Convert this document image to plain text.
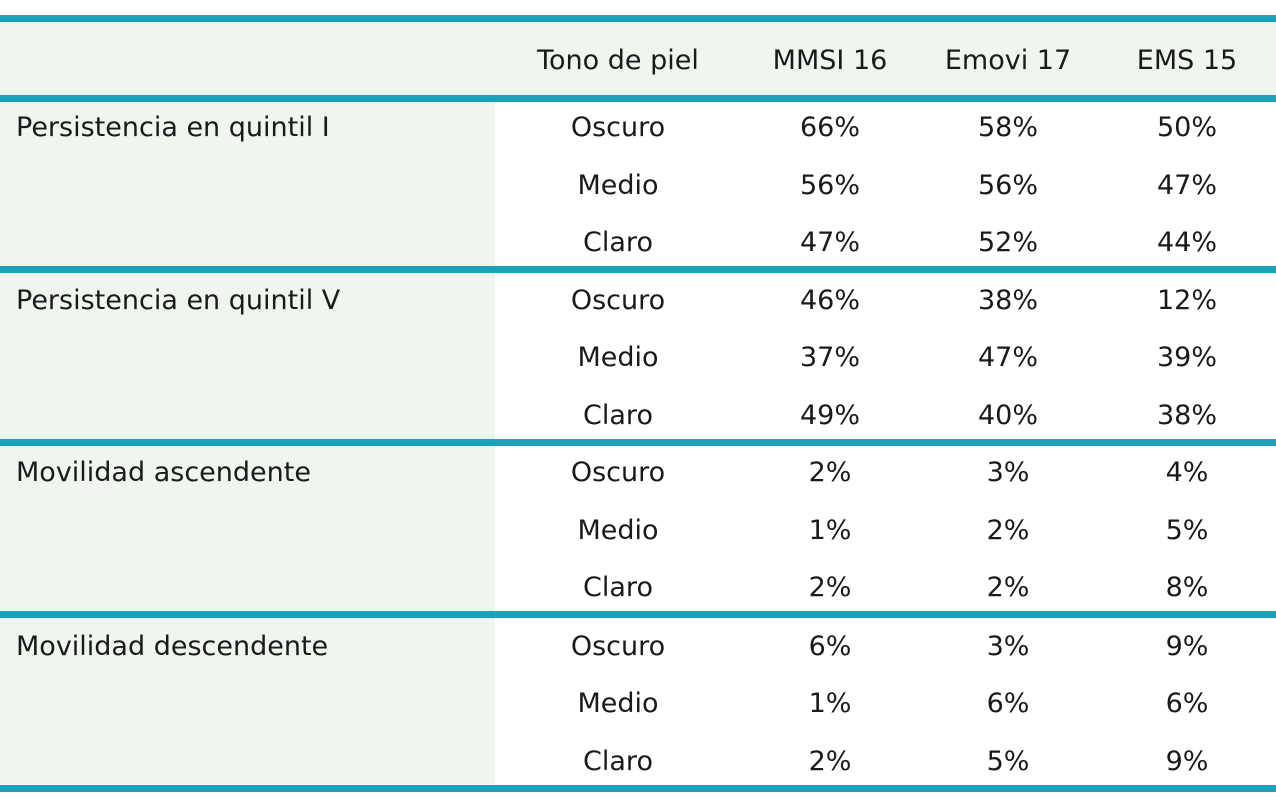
Tono de piel	MMSI 16	Emovi 17	EMS 15
Persistencia en quintil I	Oscuro	66%	58%	50%
Medio	56%	56%	47%
Claro	47%	52%	44%
Persistencia en quintil V	Oscuro	46%	38%	12%
Medio	37%	47%	39%
Claro	49%	40%	38%
Movilidad ascendente	Oscuro	2%	3%	4%
Medio	1%	2%	5%
Claro	2%	2%	8%
Movilidad descendente	Oscuro	6%	3%	9%
Medio	1%	6%	6%
Claro	2%	5%	9%
